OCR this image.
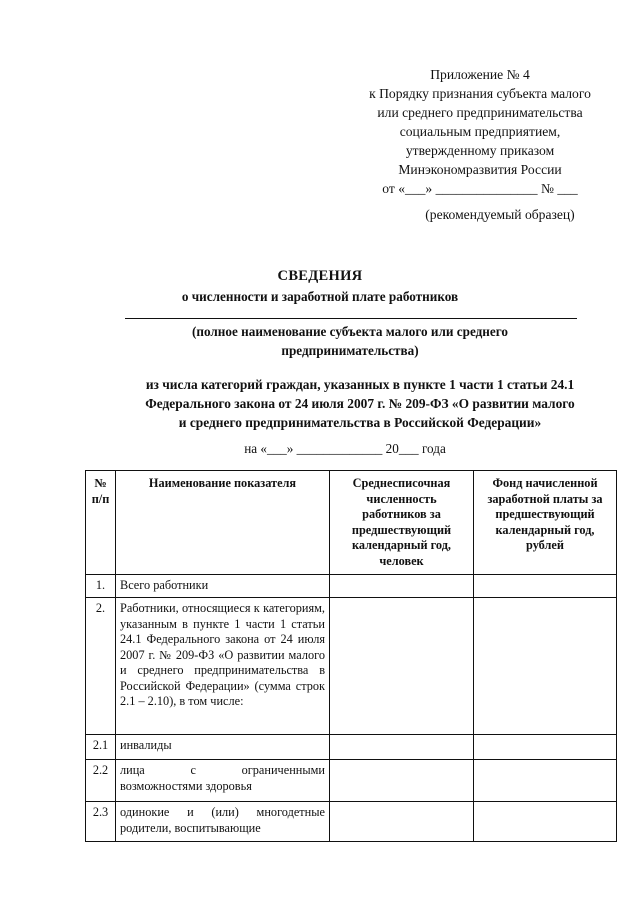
Приложение № 4
к Порядку признания субъекта малого
или среднего предпринимательства
социальным предприятием,
утвержденному приказом
Минэкономразвития России
от «___» _______________ № ___
(рекомендуемый образец)
СВЕДЕНИЯ
о численности и заработной плате работников
(полное наименование субъекта малого или среднего
предпринимательства)
из числа категорий граждан, указанных в пункте 1 части 1 статьи 24.1
Федерального закона от 24 июля 2007 г. № 209-ФЗ «О развитии малого
и среднего предпринимательства в Российской Федерации»
на «___» _____________ 20___ года
№ п/п	Наименование показателя	Среднесписочная численность работников за предшествующий календарный год, человек	Фонд начисленной заработной платы за предшествующий календарный год, рублей
1.	Всего работники		
2.	Работники, относящиеся к категориям, указанным в пункте 1 части 1 статьи 24.1 Федерального закона от 24 июля 2007 г. № 209-ФЗ «О развитии малого и среднего предпринимательства в Российской Федерации» (сумма строк 2.1 – 2.10), в том числе:		
2.1	инвалиды		
2.2	лица с ограниченными возможностями здоровья		
2.3	одинокие и (или) многодетные родители, воспитывающие		
